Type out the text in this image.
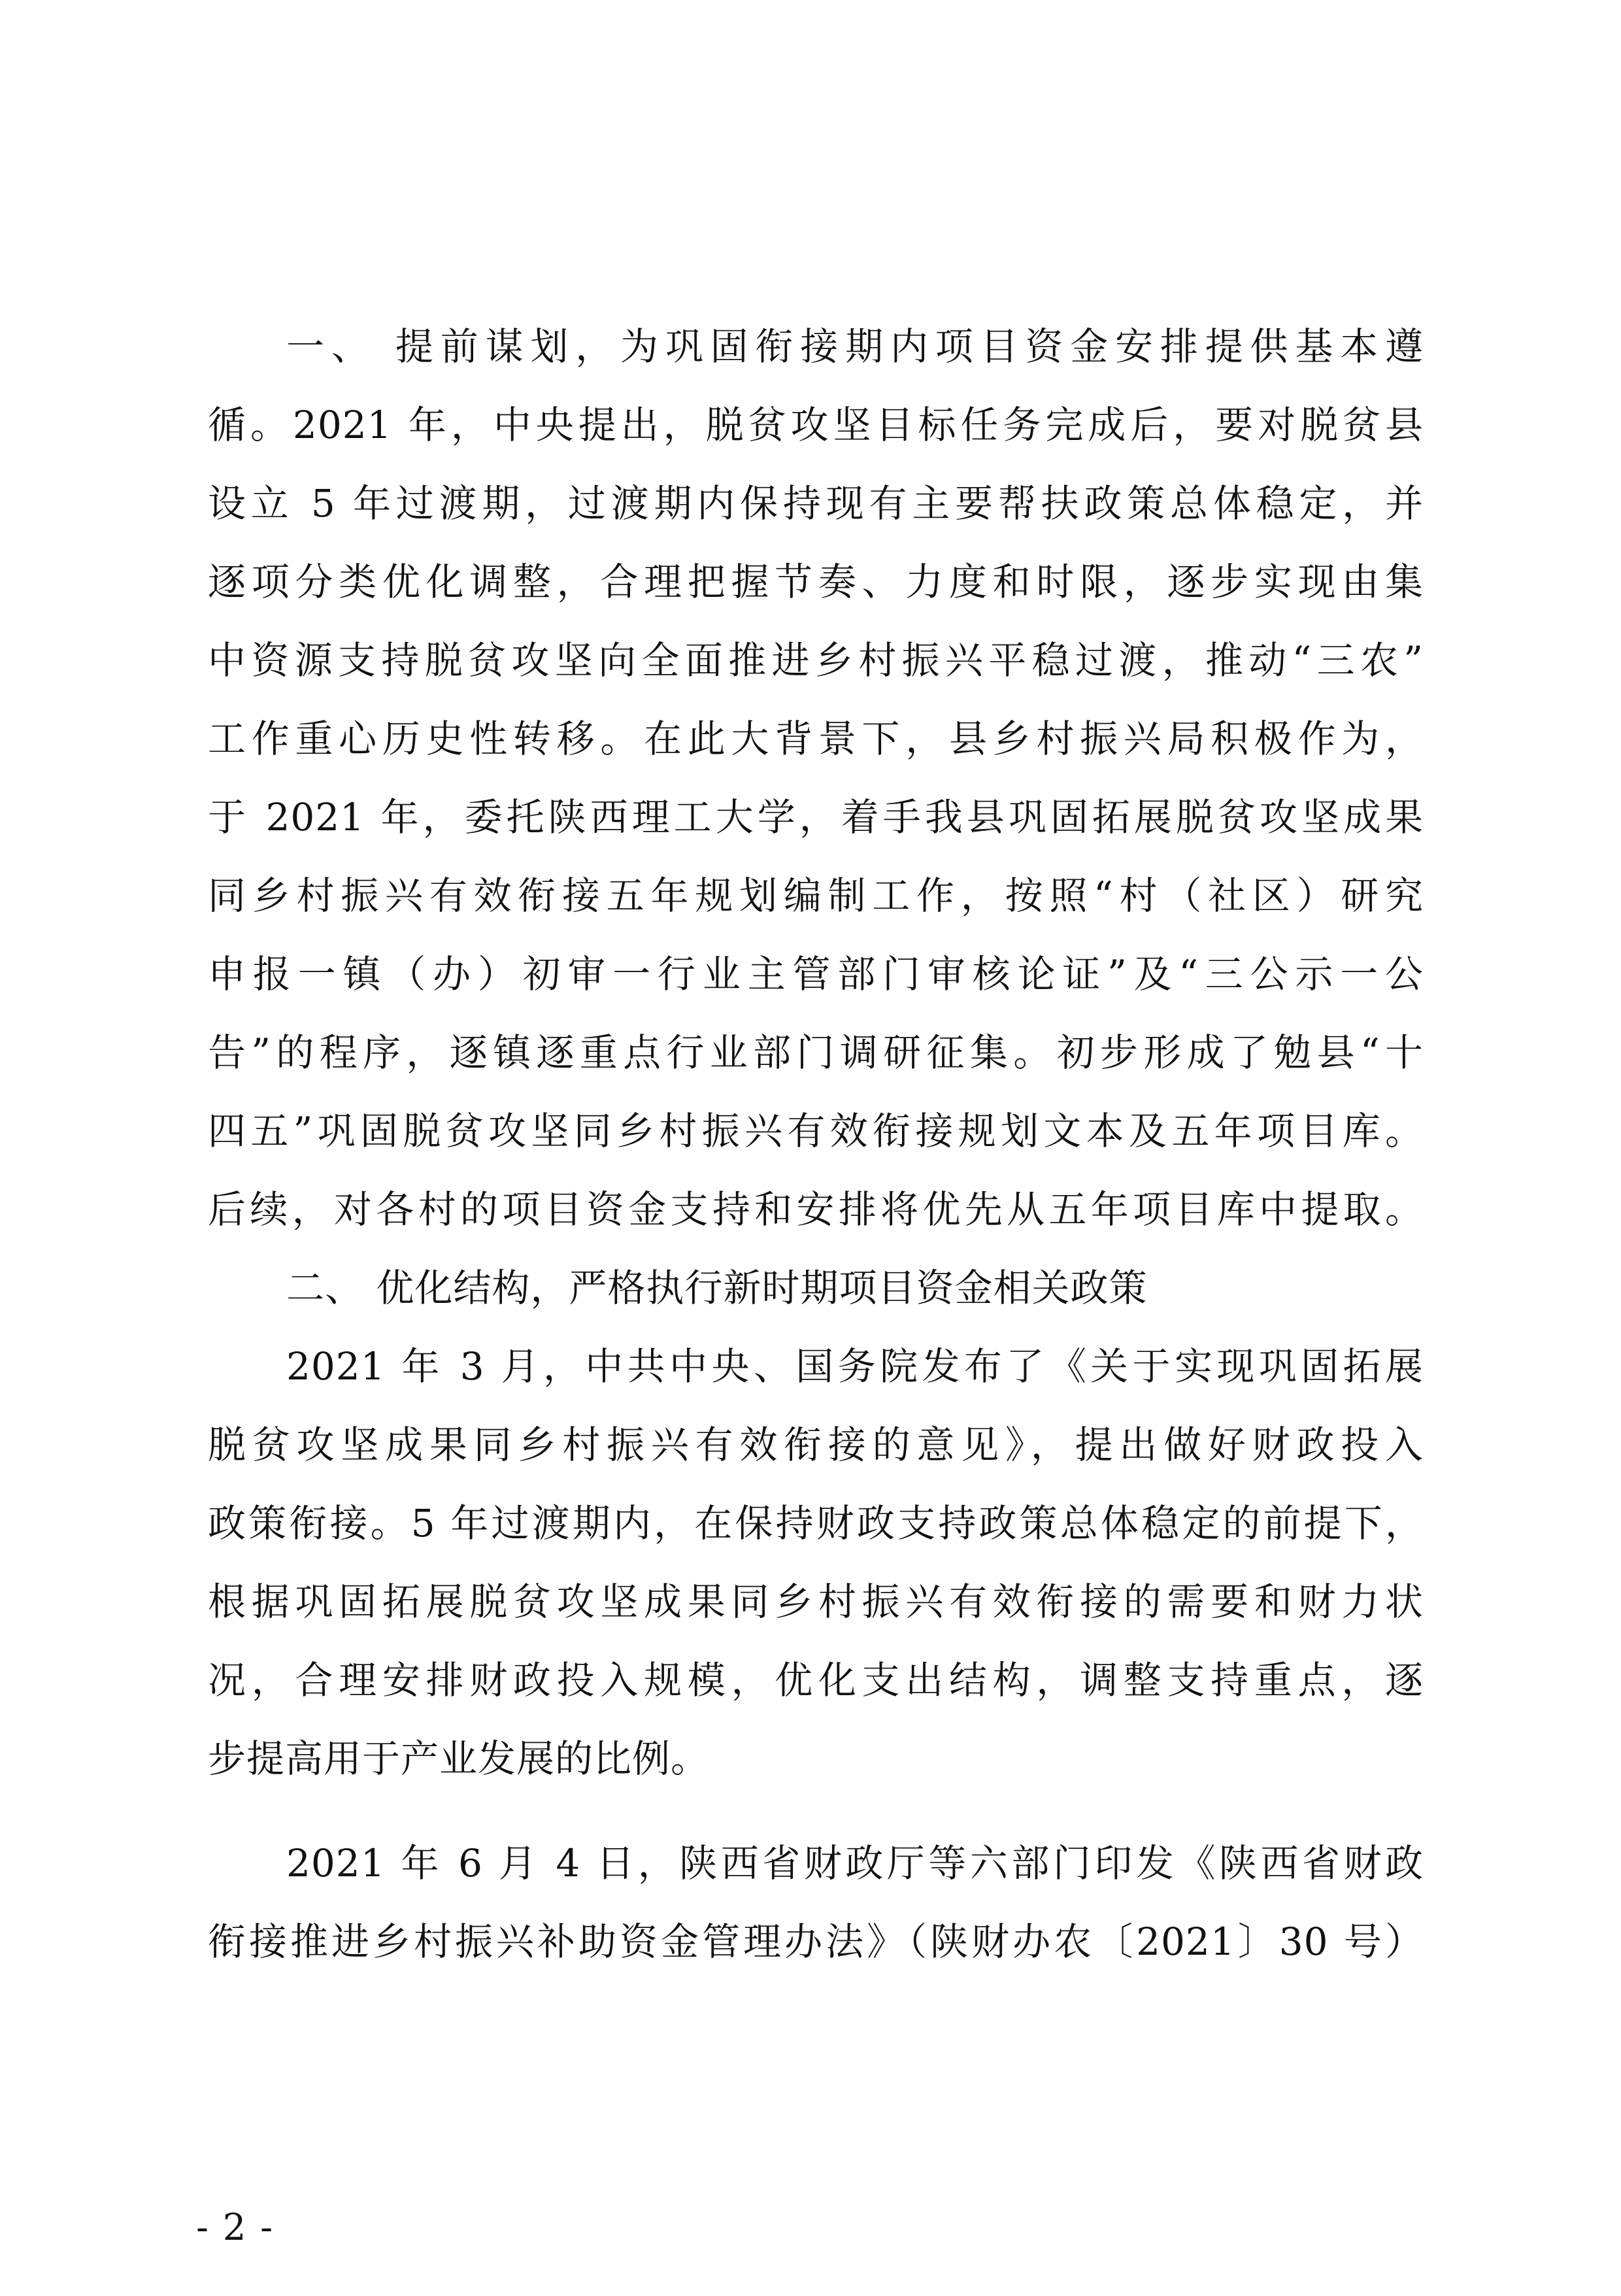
一、 提前谋划，为巩固衔接期内项目资金安排提供基本遵
循。2021 年，中央提出，脱贫攻坚目标任务完成后，要对脱贫县
设立 5 年过渡期，过渡期内保持现有主要帮扶政策总体稳定，并
逐项分类优化调整，合理把握节奏、力度和时限，逐步实现由集
中资源支持脱贫攻坚向全面推进乡村振兴平稳过渡，推动“三农”
工作重心历史性转移。在此大背景下，县乡村振兴局积极作为，
于 2021 年，委托陕西理工大学，着手我县巩固拓展脱贫攻坚成果
同乡村振兴有效衔接五年规划编制工作，按照“村（社区）研究
申报一镇（办）初审一行业主管部门审核论证”及“三公示一公
告”的程序，逐镇逐重点行业部门调研征集。初步形成了勉县“十
四五”巩固脱贫攻坚同乡村振兴有效衔接规划文本及五年项目库。
后续，对各村的项目资金支持和安排将优先从五年项目库中提取。
二、 优化结构，严格执行新时期项目资金相关政策
2021 年 3 月，中共中央、国务院发布了《关于实现巩固拓展
脱贫攻坚成果同乡村振兴有效衔接的意见》，提出做好财政投入
政策衔接。5 年过渡期内，在保持财政支持政策总体稳定的前提下，
根据巩固拓展脱贫攻坚成果同乡村振兴有效衔接的需要和财力状
况，合理安排财政投入规模，优化支出结构，调整支持重点，逐
步提高用于产业发展的比例。
2021 年 6 月 4 日，陕西省财政厅等六部门印发《陕西省财政
衔接推进乡村振兴补助资金管理办法》（陕财办农〔2021〕30 号）
- 2 -
